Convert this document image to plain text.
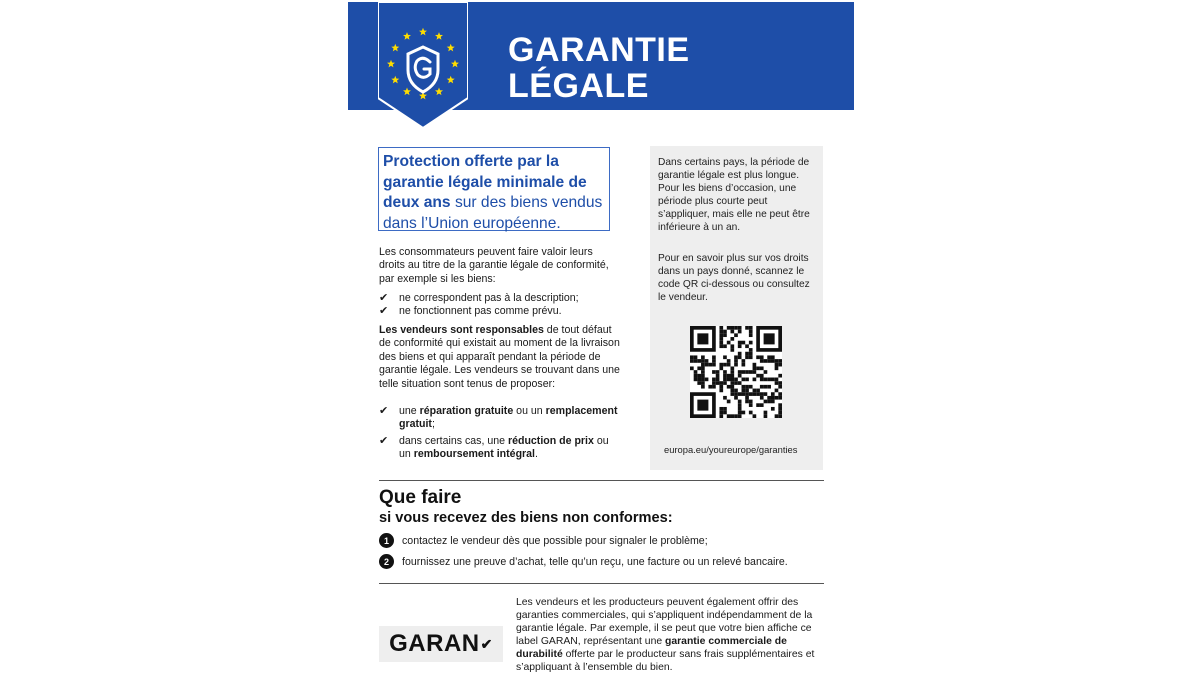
GARANTIE
LÉGALE
Protection offerte par la garantie légale minimale de deux ans sur des biens vendus dans l’Union européenne.

Les consommateurs peuvent faire valoir leurs droits au titre de la garantie légale de conformité, par exemple si les biens:

✔	ne correspondent pas à la description;
✔	ne fonctionnent pas comme prévu.

Les vendeurs sont responsables de tout défaut de conformité qui existait au moment de la livraison des biens et qui apparaît pendant la période de garantie légale. Les vendeurs se trouvant dans une telle situation sont tenus de proposer:

✔	une réparation gratuite ou un remplacement gratuit;
✔	dans certains cas, une réduction de prix ou un remboursement intégral.

Dans certains pays, la période de garantie légale est plus longue. Pour les biens d’occasion, une période plus courte peut s’appliquer, mais elle ne peut être inférieure à un an.

Pour en savoir plus sur vos droits dans un pays donné, scannez le code QR ci-dessous ou consultez le vendeur.

europa.eu/youreurope/garanties
Que faire
si vous recevez des biens non conformes:
1	contactez le vendeur dès que possible pour signaler le problème;
2	fournissez une preuve d’achat, telle qu’un reçu, une facture ou un relevé bancaire.
GARAN ✔
Les vendeurs et les producteurs peuvent également offrir des garanties commerciales, qui s’appliquent indépendamment de la garantie légale. Par exemple, il se peut que votre bien affiche ce label GARAN, représentant une garantie commerciale de durabilité offerte par le producteur sans frais supplémentaires et s’appliquant à l’ensemble du bien.
